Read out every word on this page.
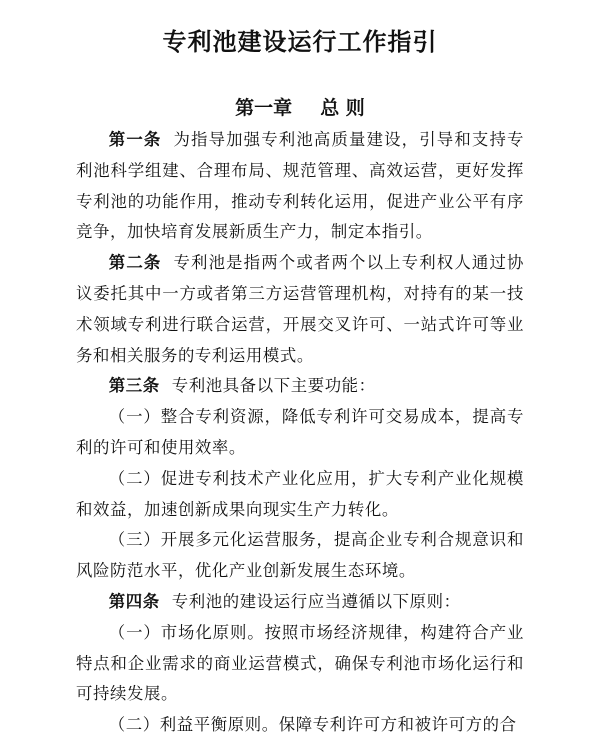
专利池建设运行工作指引
第一章 总 则

第一条 为指导加强专利池高质量建设，引导和支持专利池科学组建、合理布局、规范管理、高效运营，更好发挥专利池的功能作用，推动专利转化运用，促进产业公平有序竞争，加快培育发展新质生产力，制定本指引。

第二条 专利池是指两个或者两个以上专利权人通过协议委托其中一方或者第三方运营管理机构，对持有的某一技术领域专利进行联合运营，开展交叉许可、一站式许可等业务和相关服务的专利运用模式。

第三条 专利池具备以下主要功能：

（一）整合专利资源，降低专利许可交易成本，提高专利的许可和使用效率。

（二）促进专利技术产业化应用，扩大专利产业化规模和效益，加速创新成果向现实生产力转化。

（三）开展多元化运营服务，提高企业专利合规意识和风险防范水平，优化产业创新发展生态环境。

第四条 专利池的建设运行应当遵循以下原则：

（一）市场化原则。按照市场经济规律，构建符合产业特点和企业需求的商业运营模式，确保专利池市场化运行和可持续发展。

（二）利益平衡原则。保障专利许可方和被许可方的合
